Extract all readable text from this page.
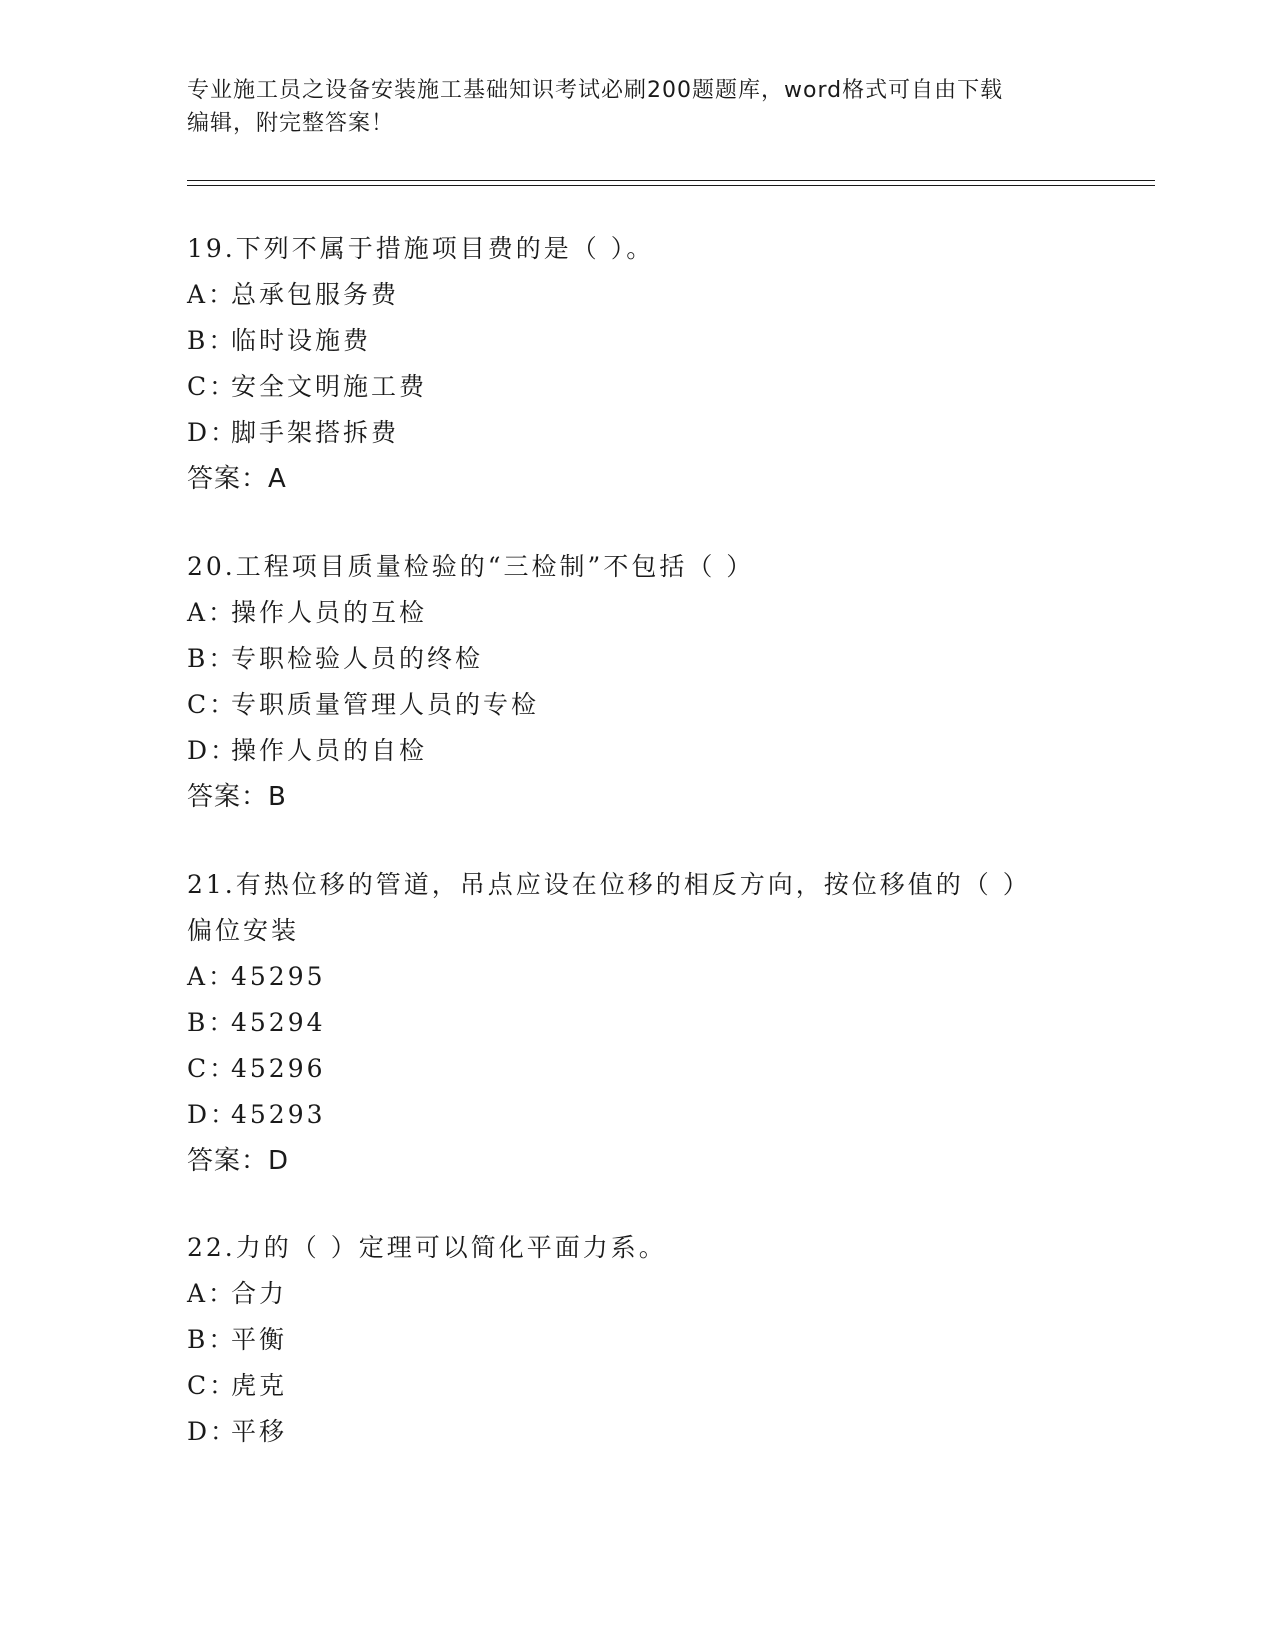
专业施工员之设备安装施工基础知识考试必刷200题题库，word格式可自由下载
编辑，附完整答案！
19.下列不属于措施项目费的是（ ）。
A：总承包服务费
B：临时设施费
C：安全文明施工费
D：脚手架搭拆费
答案：A
20.工程项目质量检验的“三检制”不包括（ ）
A：操作人员的互检
B：专职检验人员的终检
C：专职质量管理人员的专检
D：操作人员的自检
答案：B
21.有热位移的管道，吊点应设在位移的相反方向，按位移值的（ ）偏位安装
A：45295
B：45294
C：45296
D：45293
答案：D
22.力的（ ）定理可以简化平面力系。
A：合力
B：平衡
C：虎克
D：平移
